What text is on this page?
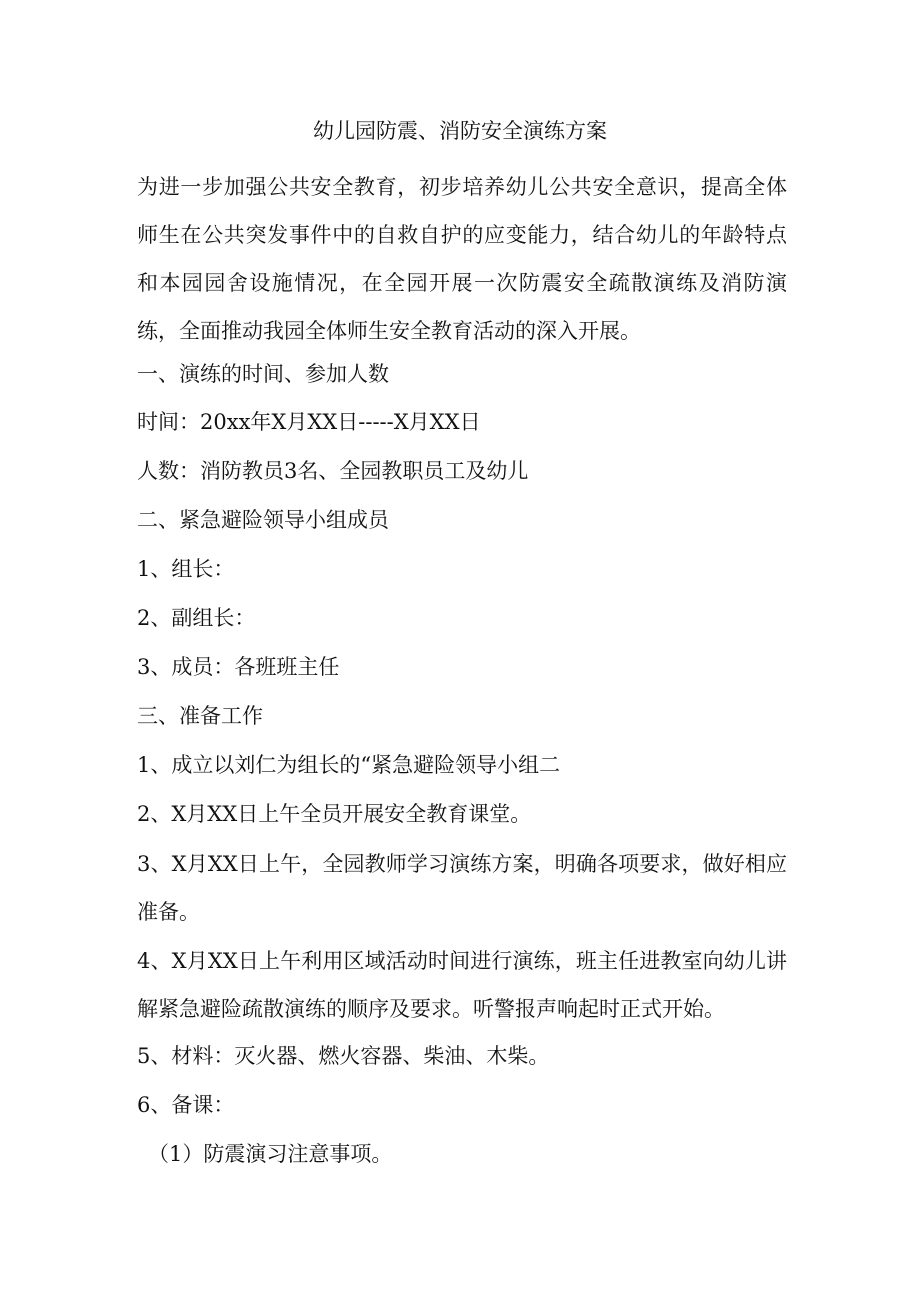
幼儿园防震、消防安全演练方案

为进一步加强公共安全教育，初步培养幼儿公共安全意识，提高全体师生在公共突发事件中的自救自护的应变能力，结合幼儿的年龄特点和本园园舍设施情况，在全园开展一次防震安全疏散演练及消防演练，全面推动我园全体师生安全教育活动的深入开展。

一、演练的时间、参加人数

时间：20xx年X月XX日-----X月XX日

人数：消防教员3名、全园教职员工及幼儿

二、紧急避险领导小组成员

1、组长：

2、副组长：

3、成员：各班班主任

三、准备工作

1、成立以刘仁为组长的“紧急避险领导小组二

2、X月XX日上午全员开展安全教育课堂。

3、X月XX日上午，全园教师学习演练方案，明确各项要求，做好相应准备。

4、X月XX日上午利用区域活动时间进行演练，班主任进教室向幼儿讲解紧急避险疏散演练的顺序及要求。听警报声响起时正式开始。

5、材料：灭火器、燃火容器、柴油、木柴。

6、备课：

（1）防震演习注意事项。
